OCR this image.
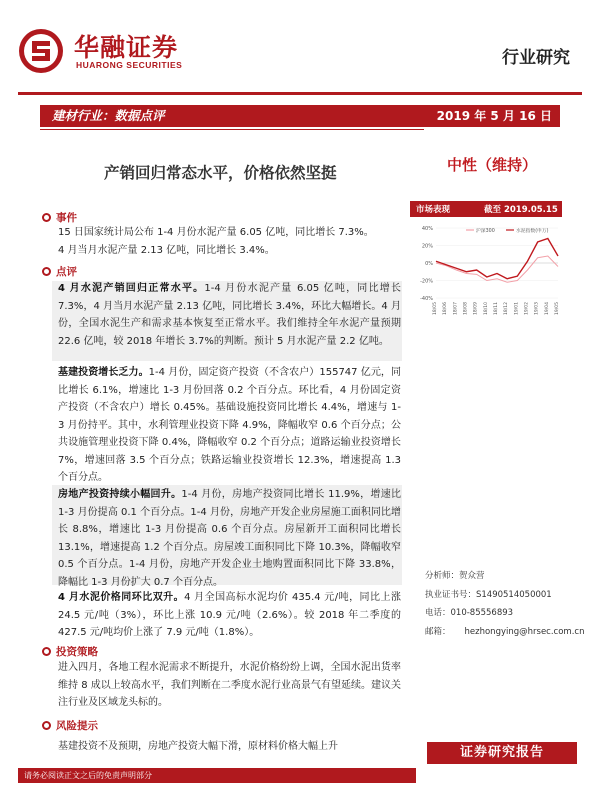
华融证券
HUARONG SECURITIES	行业研究
建材行业：数据点评	2019 年 5 月 16 日
产销回归常态水平，价格依然坚挺	中性（维持）
市场表现	截至 2019.05.15
40%
20%
0%
-20%
-40%
18/05 18/06 18/07 18/08 18/09 18/10 18/11 18/12 19/01 19/02 19/03 19/04 19/05
沪深300	水泥指数(申万)
事件
15 日国家统计局公布 1-4 月份水泥产量 6.05 亿吨，同比增长 7.3%。
4 月当月水泥产量 2.13 亿吨，同比增长 3.4%。
点评
4 月水泥产销回归正常水平。1-4 月份水泥产量 6.05 亿吨，同比增长 7.3%，4 月当月水泥产量 2.13 亿吨，同比增长 3.4%，环比大幅增长。4 月份，全国水泥生产和需求基本恢复至正常水平。我们维持全年水泥产量预期 22.6 亿吨，较 2018 年增长 3.7%的判断。预计 5 月水泥产量 2.2 亿吨。
基建投资增长乏力。1-4 月份，固定资产投资（不含农户）155747 亿元，同比增长 6.1%，增速比 1-3 月份回落 0.2 个百分点。环比看，4 月份固定资产投资（不含农户）增长 0.45%。基础设施投资同比增长 4.4%，增速与 1-3 月份持平。其中，水利管理业投资下降 4.9%，降幅收窄 0.6 个百分点；公共设施管理业投资下降 0.4%，降幅收窄 0.2 个百分点；道路运输业投资增长 7%，增速回落 3.5 个百分点；铁路运输业投资增长 12.3%，增速提高 1.3 个百分点。
房地产投资持续小幅回升。1-4 月份，房地产投资同比增长 11.9%，增速比 1-3 月份提高 0.1 个百分点。1-4 月份，房地产开发企业房屋施工面积同比增长 8.8%，增速比 1-3 月份提高 0.6 个百分点。房屋新开工面积同比增长 13.1%，增速提高 1.2 个百分点。房屋竣工面积同比下降 10.3%，降幅收窄 0.5 个百分点。1-4 月份，房地产开发企业土地购置面积同比下降 33.8%，降幅比 1-3 月份扩大 0.7 个百分点。
4 月水泥价格同环比双升。4 月全国高标水泥均价 435.4 元/吨，同比上涨 24.5 元/吨（3%），环比上涨 10.9 元/吨（2.6%）。较 2018 年二季度的 427.5 元/吨均价上涨了 7.9 元/吨（1.8%）。
投资策略
进入四月，各地工程水泥需求不断提升，水泥价格纷纷上调，全国水泥出货率维持 8 成以上较高水平，我们判断在二季度水泥行业高景气有望延续。建议关注行业及区域龙头标的。
风险提示
基建投资不及预期，房地产投资大幅下滑，原材料价格大幅上升
分析师：贺众营
执业证书号：S1490514050001
电话：010-85556893
邮箱： hezhongying@hrsec.com.cn
证券研究报告
请务必阅读正文之后的免责声明部分
